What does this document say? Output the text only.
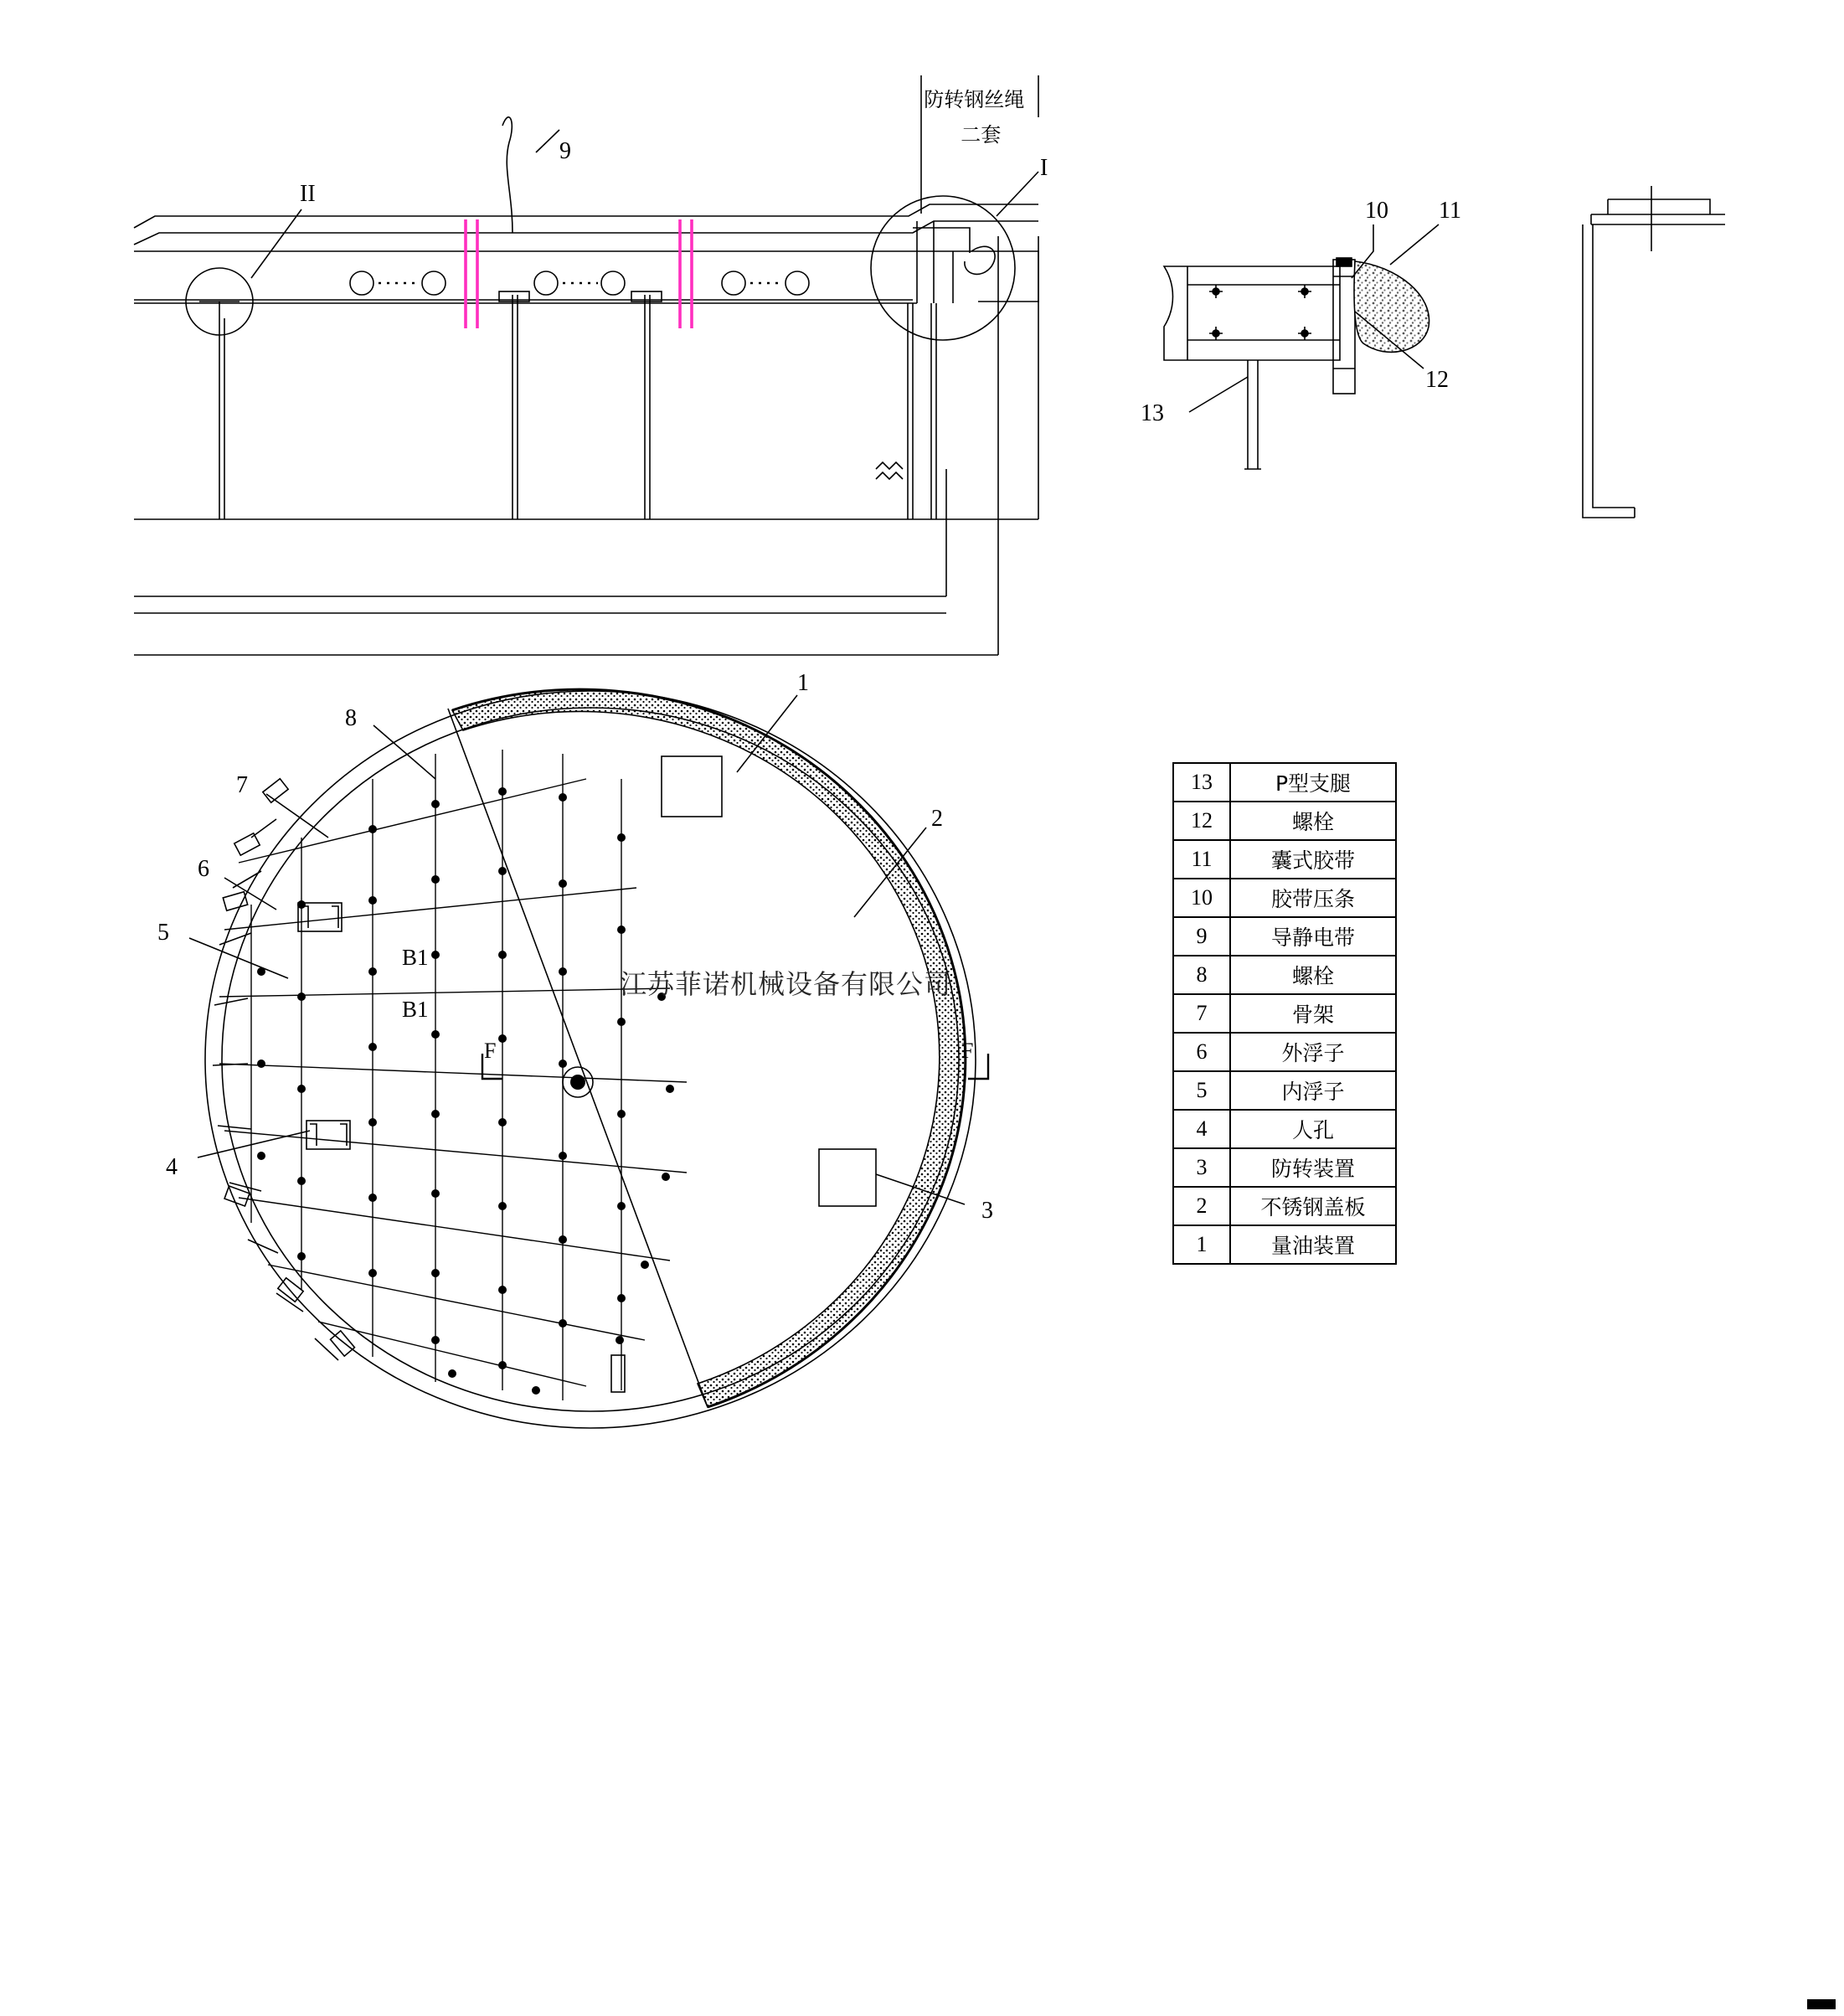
防转钢丝绳

二套

9
I
II
10 11
12
13
1
2
3
4
5
6
7
8
B1
B1
F	F
江苏菲诺机械设备有限公司
13	P型支腿
12	螺栓
11	囊式胶带
10	胶带压条
9	导静电带
8	螺栓
7	骨架
6	外浮子
5	内浮子
4	人孔
3	防转装置
2	不锈钢盖板
1	量油装置
